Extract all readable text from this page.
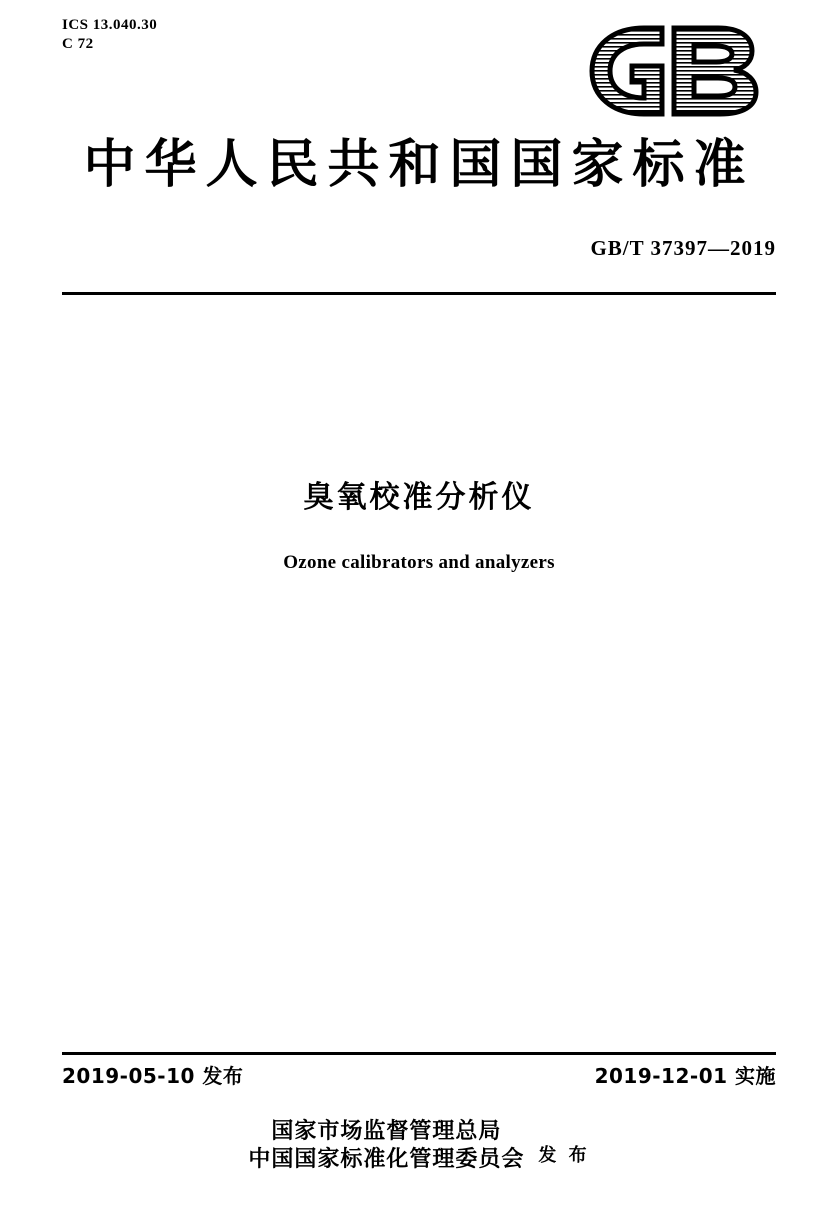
ICS 13.040.30
C 72
中华人民共和国国家标准
GB/T 37397—2019
臭氧校准分析仪
Ozone calibrators and analyzers
2019-05-10 发布	2019-12-01 实施
国家市场监督管理总局
中国国家标准化管理委员会 发 布
